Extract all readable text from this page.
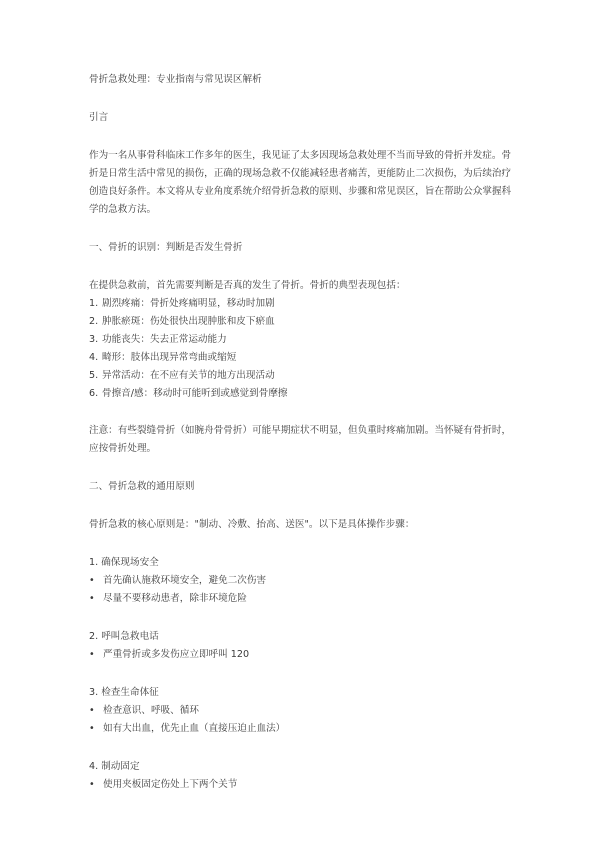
骨折急救处理：专业指南与常见误区解析

引言

作为一名从事骨科临床工作多年的医生，我见证了太多因现场急救处理不当而导致的骨折并发症。骨折是日常生活中常见的损伤，正确的现场急救不仅能减轻患者痛苦，更能防止二次损伤，为后续治疗创造良好条件。本文将从专业角度系统介绍骨折急救的原则、步骤和常见误区，旨在帮助公众掌握科学的急救方法。

一、骨折的识别：判断是否发生骨折

在提供急救前，首先需要判断是否真的发生了骨折。骨折的典型表现包括：

1. 剧烈疼痛：骨折处疼痛明显，移动时加剧
2. 肿胀瘀斑：伤处很快出现肿胀和皮下瘀血
3. 功能丧失：失去正常运动能力
4. 畸形：肢体出现异常弯曲或缩短
5. 异常活动：在不应有关节的地方出现活动
6. 骨擦音/感：移动时可能听到或感觉到骨摩擦

注意：有些裂缝骨折（如腕舟骨骨折）可能早期症状不明显，但负重时疼痛加剧。当怀疑有骨折时，应按骨折处理。

二、骨折急救的通用原则

骨折急救的核心原则是："制动、冷敷、抬高、送医"。以下是具体操作步骤：

1. 确保现场安全

• 首先确认施救环境安全，避免二次伤害
• 尽量不要移动患者，除非环境危险

2. 呼叫急救电话

• 严重骨折或多发伤应立即呼叫 120

3. 检查生命体征

• 检查意识、呼吸、循环
• 如有大出血，优先止血（直接压迫止血法）

4. 制动固定

• 使用夹板固定伤处上下两个关节
